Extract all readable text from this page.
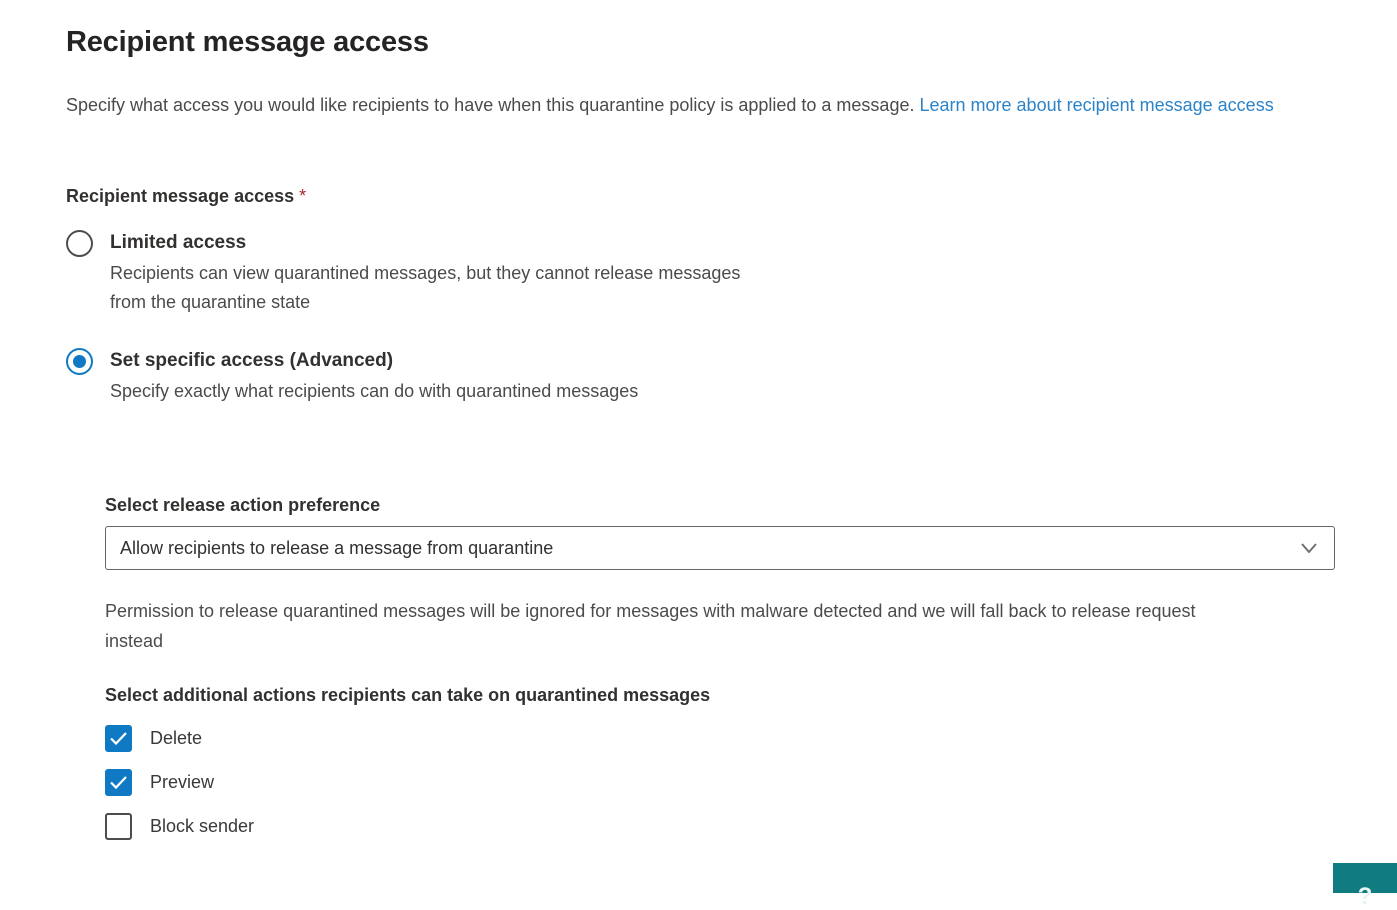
Recipient message access

Specify what access you would like recipients to have when this quarantine policy is applied to a message. Learn more about recipient message access

Recipient message access *
Limited access
Recipients can view quarantined messages, but they cannot release messages from the quarantine state
Set specific access (Advanced)
Specify exactly what recipients can do with quarantined messages
Select release action preference
Allow recipients to release a message from quarantine

Permission to release quarantined messages will be ignored for messages with malware detected and we will fall back to release request instead

Select additional actions recipients can take on quarantined messages
Delete
Preview
Block sender
?
